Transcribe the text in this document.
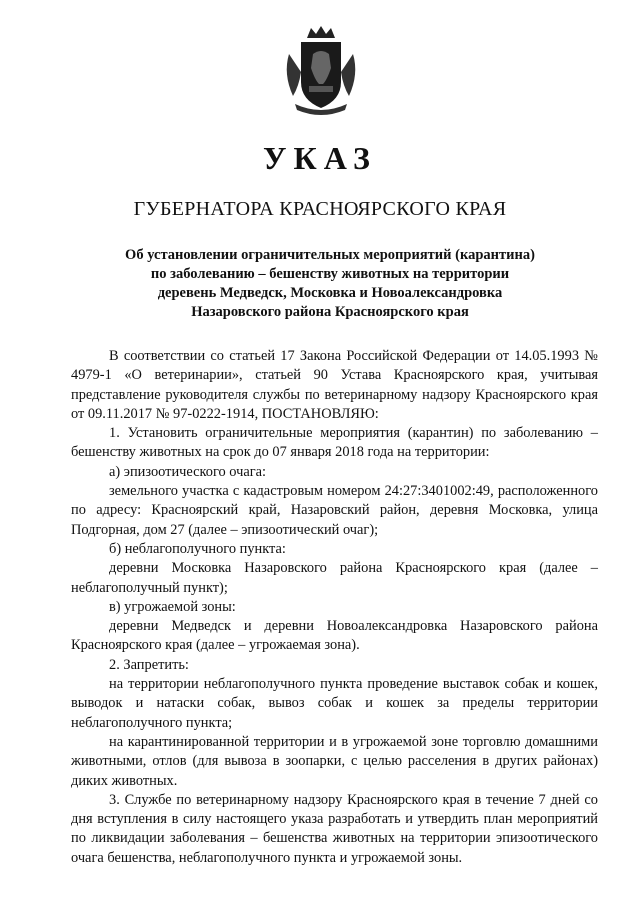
УКАЗ
ГУБЕРНАТОРА КРАСНОЯРСКОГО КРАЯ
Об установлении ограничительных мероприятий (карантина)
по заболеванию – бешенству животных на территории
деревень Медведск, Московка и Новоалександровка
Назаровского района Красноярского края

В соответствии со статьей 17 Закона Российской Федерации от 14.05.1993 № 4979-1 «О ветеринарии», статьей 90 Устава Красноярского края, учитывая представление руководителя службы по ветеринарному надзору Красноярского края от 09.11.2017 № 97-0222-1914, ПОСТАНОВЛЯЮ:

1. Установить ограничительные мероприятия (карантин) по заболеванию – бешенству животных на срок до 07 января 2018 года на территории:

а) эпизоотического очага:

земельного участка с кадастровым номером 24:27:3401002:49, расположенного по адресу: Красноярский край, Назаровский район, деревня Московка, улица Подгорная, дом 27 (далее – эпизоотический очаг);

б) неблагополучного пункта:

деревни Московка Назаровского района Красноярского края (далее – неблагополучный пункт);

в) угрожаемой зоны:

деревни Медведск и деревни Новоалександровка Назаровского района Красноярского края (далее – угрожаемая зона).

2. Запретить:

на территории неблагополучного пункта проведение выставок собак и кошек, выводок и натаски собак, вывоз собак и кошек за пределы территории неблагополучного пункта;

на карантинированной территории и в угрожаемой зоне торговлю домашними животными, отлов (для вывоза в зоопарки, с целью расселения в других районах) диких животных.

3. Службе по ветеринарному надзору Красноярского края в течение 7 дней со дня вступления в силу настоящего указа разработать и утвердить план мероприятий по ликвидации заболевания – бешенства животных на территории эпизоотического очага бешенства, неблагополучного пункта и угрожаемой зоны.
